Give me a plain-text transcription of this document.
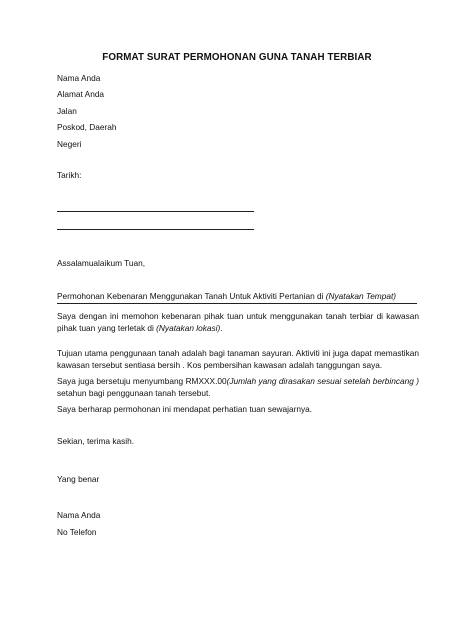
FORMAT SURAT PERMOHONAN GUNA TANAH TERBIAR
Nama Anda
Alamat Anda
Jalan
Poskod, Daerah
Negeri
Tarikh:
Assalamualaikum Tuan,
Permohonan Kebenaran Menggunakan Tanah Untuk Aktiviti Pertanian di (Nyatakan Tempat)
Saya dengan ini memohon kebenaran pihak tuan untuk menggunakan tanah terbiar di kawasan pihak tuan yang terletak di (Nyatakan lokasi).
Tujuan utama penggunaan tanah adalah bagi tanaman sayuran. Aktiviti ini juga dapat memastikan kawasan tersebut sentiasa bersih . Kos pembersihan kawasan adalah tanggungan saya.
Saya juga bersetuju menyumbang RMXXX.00(Jumlah yang dirasakan sesuai setelah berbincang ) setahun bagi penggunaan tanah tersebut.
Saya berharap permohonan ini mendapat perhatian tuan sewajarnya.
Sekian, terima kasih.
Yang benar
Nama Anda
No Telefon
